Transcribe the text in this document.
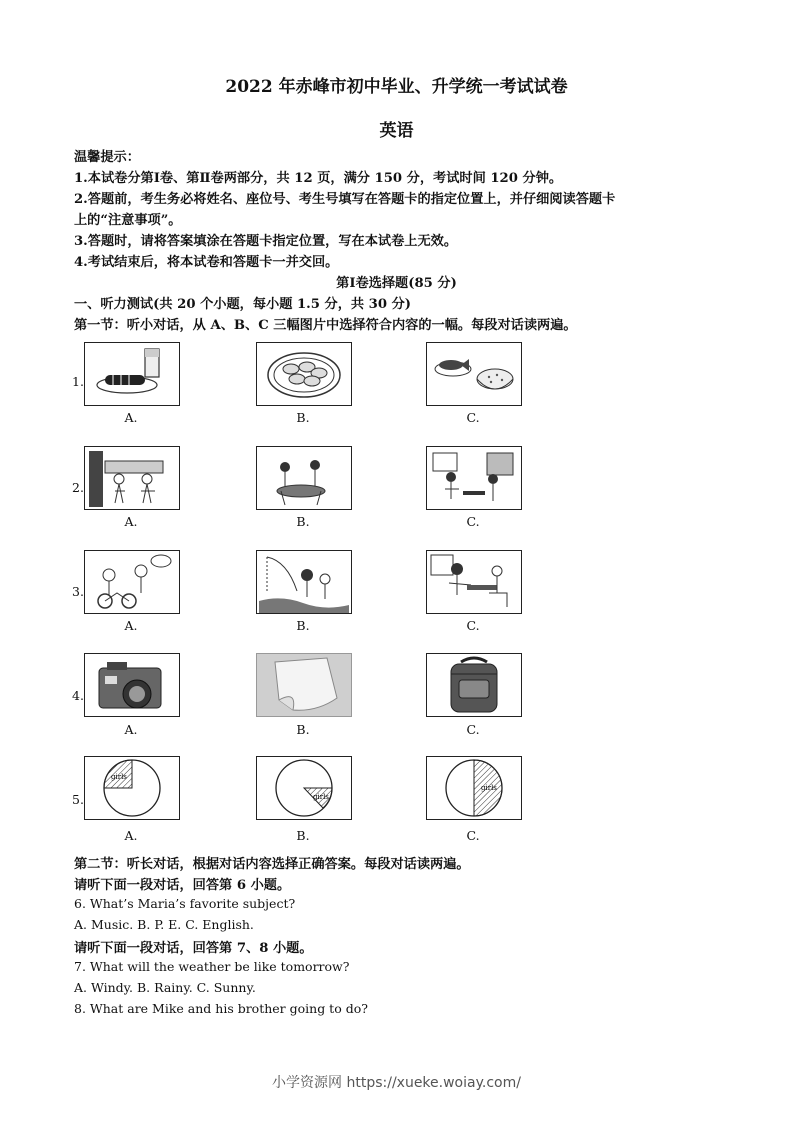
2022 年赤峰市初中毕业、升学统一考试试卷
英语
温馨提示：
1.本试卷分第Ⅰ卷、第Ⅱ卷两部分，共 12 页，满分 150 分，考试时间 120 分钟。
2.答题前，考生务必将姓名、座位号、考生号填写在答题卡的指定位置上，并仔细阅读答题卡
上的“注意事项”。
3.答题时，请将答案填涂在答题卡指定位置，写在本试卷上无效。
4.考试结束后，将本试卷和答题卡一并交回。
第Ⅰ卷选择题(85 分)
一、听力测试(共 20 个小题，每小题 1.5 分，共 30 分)
第一节：听小对话，从 A、B、C 三幅图片中选择符合内容的一幅。每段对话读两遍。
1.
A.	B.	C.
2.
A.	B.	C.
3.
A.	B.	C.
4.
A.	B.	C.
5.
girls
girls
girls
A.	B.	C.
第二节：听长对话，根据对话内容选择正确答案。每段对话读两遍。
请听下面一段对话，回答第 6 小题。
6. What’s Maria’s favorite subject?
A. Music. B. P. E. C. English.
请听下面一段对话，回答第 7、8 小题。
7. What will the weather be like tomorrow?
A. Windy. B. Rainy. C. Sunny.
8. What are Mike and his brother going to do?
小学资源网 https://xueke.woiay.com/
